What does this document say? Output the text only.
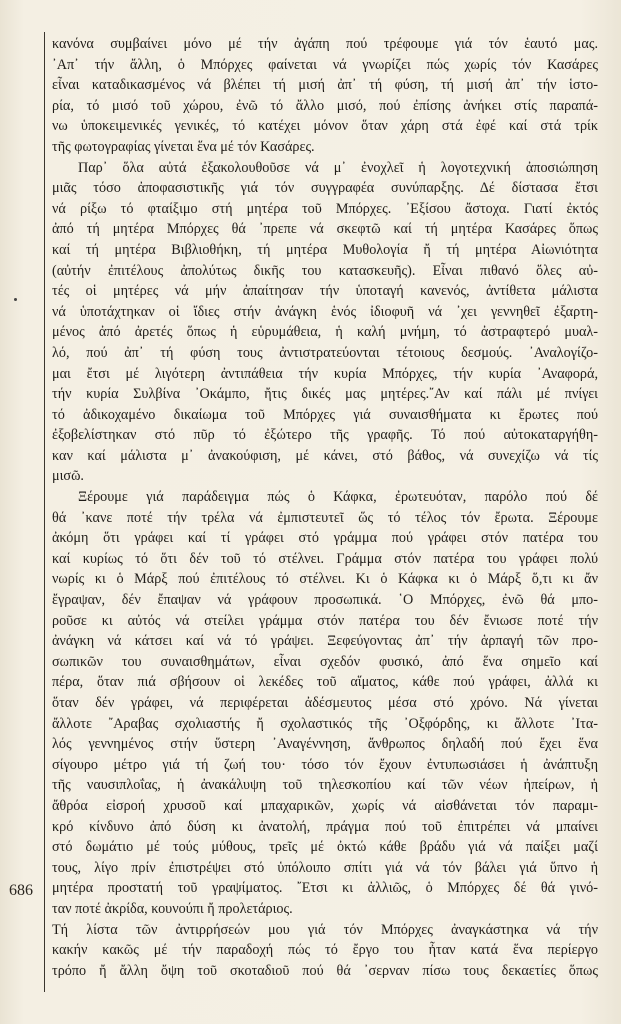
686
κανόνα συμβαίνει μόνο μέ τήν ἀγάπη πού τρέφουμε γιά τόν ἑαυτό μας.
᾿Απ᾿ τήν ἄλλη, ὁ Μπόρχες φαίνεται νά γνωρίζει πώς χωρίς τόν Κασάρες
εἶναι καταδικασμένος νά βλέπει τή μισή ἀπ᾿ τή φύση, τή μισή ἀπ᾿ τήν ἱστο-
ρία, τό μισό τοῦ χώρου, ἐνῶ τό ἄλλο μισό, πού ἐπίσης ἀνήκει στίς παραπά-
νω ὑποκειμενικές γενικές, τό κατέχει μόνον ὅταν χάρη στά ἐφέ καί στά τρίκ
τῆς φωτογραφίας γίνεται ἕνα μέ τόν Κασάρες.
Παρ᾿ ὅλα αὐτά ἐξακολουθοῦσε νά μ᾿ ἐνοχλεῖ ἡ λογοτεχνική ἀποσιώπηση
μιᾶς τόσο ἀποφασιστικῆς γιά τόν συγγραφέα συνύπαρξης. Δέ δίστασα ἔτσι
νά ρίξω τό φταίξιμο στή μητέρα τοῦ Μπόρχες. ᾿Εξίσου ἄστοχα. Γιατί ἐκτός
ἀπό τή μητέρα Μπόρχες θά ᾿πρεπε νά σκεφτῶ καί τή μητέρα Κασάρες ὅπως
καί τή μητέρα Βιβλιοθήκη, τή μητέρα Μυθολογία ἤ τή μητέρα Αἰωνιότητα
(αὐτήν ἐπιτέλους ἀπολύτως δικῆς του κατασκευῆς). Εἶναι πιθανό ὅλες αὐ-
τές οἱ μητέρες νά μήν ἀπαίτησαν τήν ὑποταγή κανενός, ἀντίθετα μάλιστα
νά ὑποτάχτηκαν οἱ ἴδιες στήν ἀνάγκη ἑνός ἰδιοφυῆ νά ᾿χει γεννηθεῖ ἐξαρτη-
μένος ἀπό ἀρετές ὅπως ἡ εὑρυμάθεια, ἡ καλή μνήμη, τό ἀστραφτερό μυαλ-
λό, πού ἀπ᾿ τή φύση τους ἀντιστρατεύονται τέτοιους δεσμούς. ᾿Αναλογίζο-
μαι ἔτσι μέ λιγότερη ἀντιπάθεια τήν κυρία Μπόρχες, τήν κυρία ᾿Αναφορά,
τήν κυρία Συλβίνα ᾿Οκάμπο, ἤτις δικές μας μητέρες.῎Αν καί πάλι μέ πνίγει
τό ἀδικοχαμένο δικαίωμα τοῦ Μπόρχες γιά συναισθήματα κι ἔρωτες πού
ἐξοβελίστηκαν στό πῦρ τό ἐξώτερο τῆς γραφῆς. Τό πού αὐτοκαταργήθη-
καν καί μάλιστα μ᾿ ἀνακούφιση, μέ κάνει, στό βάθος, νά συνεχίζω νά τίς
μισῶ.
Ξέρουμε γιά παράδειγμα πώς ὁ Κάφκα, ἐρωτευόταν, παρόλο πού δέ
θά ᾿κανε ποτέ τήν τρέλα νά ἐμπιστευτεῖ ὥς τό τέλος τόν ἔρωτα. Ξέρουμε
ἀκόμη ὅτι γράφει καί τί γράφει στό γράμμα πού γράφει στόν πατέρα του
καί κυρίως τό ὅτι δέν τοῦ τό στέλνει. Γράμμα στόν πατέρα του γράφει πολύ
νωρίς κι ὁ Μάρξ πού ἐπιτέλους τό στέλνει. Κι ὁ Κάφκα κι ὁ Μάρξ ὅ,τι κι ἄν
ἔγραψαν, δέν ἔπαψαν νά γράφουν προσωπικά. ῾Ο Μπόρχες, ἐνῶ θά μπο-
ροῦσε κι αὐτός νά στείλει γράμμα στόν πατέρα του δέν ἔνιωσε ποτέ τήν
ἀνάγκη νά κάτσει καί νά τό γράψει. Ξεφεύγοντας ἀπ᾿ τήν ἁρπαγή τῶν προ-
σωπικῶν του συναισθημάτων, εἶναι σχεδόν φυσικό, ἀπό ἕνα σημεῖο καί
πέρα, ὅταν πιά σβήσουν οἱ λεκέδες τοῦ αἵματος, κάθε πού γράφει, ἀλλά κι
ὅταν δέν γράφει, νά περιφέρεται ἀδέσμευτος μέσα στό χρόνο. Νά γίνεται
ἄλλοτε ῎Αραβας σχολιαστής ἤ σχολαστικός τῆς ᾿Οξφόρδης, κι ἄλλοτε ᾿Ιτα-
λός γεννημένος στήν ὕστερη ᾿Αναγέννηση, ἄνθρωπος δηλαδή πού ἔχει ἕνα
σίγουρο μέτρο γιά τή ζωή του· τόσο τόν ἔχουν ἐντυπωσιάσει ἡ ἀνάπτυξη
τῆς ναυσιπλοΐας, ἡ ἀνακάλυψη τοῦ τηλεσκοπίου καί τῶν νέων ἠπείρων, ἡ
ἄθρόα εἰσροή χρυσοῦ καί μπαχαρικῶν, χωρίς νά αἰσθάνεται τόν παραμι-
κρό κίνδυνο ἀπό δύση κι ἀνατολή, πράγμα πού τοῦ ἐπιτρέπει νά μπαίνει
στό δωμάτιο μέ τούς μύθους, τρεῖς μέ ὀκτώ κάθε βράδυ γιά νά παίξει μαζί
τους, λίγο πρίν ἐπιστρέψει στό ὑπόλοιπο σπίτι γιά νά τόν βάλει γιά ὕπνο ἡ
μητέρα προστατή τοῦ γραψίματος. ῎Ετσι κι ἀλλιῶς, ὁ Μπόρχες δέ θά γινό-
ταν ποτέ ἀκρίδα, κουνούπι ἤ προλετάριος.
Τή λίστα τῶν ἀντιρρήσεών μου γιά τόν Μπόρχες ἀναγκάστηκα νά τήν
κακήν κακῶς μέ τήν παραδοχή πώς τό ἔργο του ἦταν κατά ἕνα περίεργο
τρόπο ἤ ἄλλη ὄψη τοῦ σκοταδιοῦ πού θά ᾿σερναν πίσω τους δεκαετίες ὅπως
